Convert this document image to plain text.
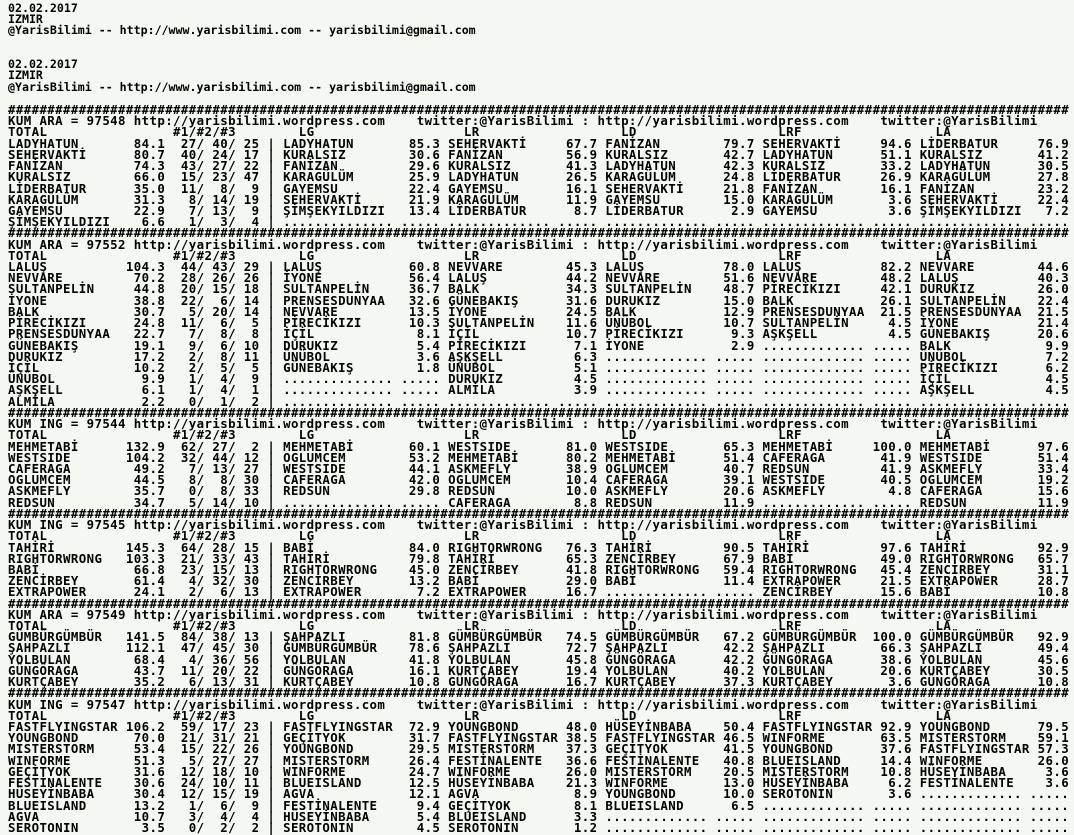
02.02.2017
IZMIR
@YarisBilimi -- http://www.yarisbilimi.com -- yarisbilimi@gmail.com
02.02.2017
IZMIR
@YarisBilimi -- http://www.yarisbilimi.com -- yarisbilimi@gmail.com
#######################################################################################################################################
KUM ARA = 97548 http://yarisbilimi.wordpress.com    twitter:@YarisBilimi : http://yarisbilimi.wordpress.com    twitter:@YarisBilimi
TOTAL                #1/#2/#3        LG                   LR                  LD                  LRF                 LA
LADYHATUN       84.1  27/ 40/ 25 | LADYHATUN       85.3 SEHERVAKTİ     67.7 FANİZAN        79.7 SEHERVAKTİ     94.6 LİDERBATUR     76.9
SEHERVAKTİ      80.7  40/ 24/ 17 | KURALSIZ        30.6 FANİZAN        56.9 KURALSIZ       42.7 LADYHATUN      51.1 KURALSIZ       41.2
FANİZAN         74.3  43/ 27/ 22 | FANİZAN         29.6 KURALSIZ       41.3 LADYHATUN      42.3 KURALSIZ       33.2 LADYHATUN      30.5
KURALSIZ        66.0  15/ 23/ 47 | KARAGÜLÜM       25.9 LADYHATUN      26.5 KARAGÜLÜM      24.8 LİDERBATUR     26.9 KARAGÜLÜM      27.8
LİDERBATUR      35.0  11/  8/  9 | GAYEMSU         22.4 GAYEMSU        16.1 SEHERVAKTİ     21.8 FANİZAN        16.1 FANİZAN        23.2
KARAGÜLÜM       31.3   8/ 14/ 19 | SEHERVAKTİ      21.9 KARAGÜLÜM      11.9 GAYEMSU        15.0 KARAGÜLÜM       3.6 SEHERVAKTİ     22.4
GAYEMSU         22.9   7/ 13/  9 | ŞİMŞEKYILDIZI   13.4 LİDERBATUR      8.7 LİDERBATUR      2.9 GAYEMSU         3.6 ŞİMŞEKYILDIZI   7.2
ŞİMŞEKYILDIZI    6.6   1/  3/  4 | .............. ..... ............. ..... ............. ..... ............. ..... ............. .....
#######################################################################################################################################
KUM ARA = 97552 http://yarisbilimi.wordpress.com    twitter:@YarisBilimi : http://yarisbilimi.wordpress.com    twitter:@YarisBilimi
TOTAL                #1/#2/#3        LG                   LR                  LD                  LRF                 LA
LALUŞ          104.3  44/ 43/ 29 | LALUŞ           60.8 NEVVARE        45.3 LALUŞ          78.0 LALUŞ          82.2 NEVVARE        44.6
NEVVARE         70.2  28/ 26/ 26 | İYONE           56.4 LALUŞ          44.2 NEVVARE        51.6 NEVVARE        48.2 LALUŞ          40.3
SULTANPELİN     44.8  20/ 15/ 18 | SULTANPELİN     36.7 BALK           34.3 SULTANPELİN    48.7 PİRECİKIZI     42.1 DURUKIZ        26.0
İYONE           38.8  22/  6/ 14 | PRENSESDUNYAA   32.6 GÜNEBAKIŞ      31.6 DURUKIZ        15.0 BALK           26.1 SULTANPELİN    22.4
BALK            30.7   5/ 20/ 14 | NEVVARE         13.5 İYONE          24.5 BALK           12.9 PRENSESDUNYAA  21.5 PRENSESDUNYAA  21.5
PİRECİKIZI      24.8  11/  6/  5 | PİRECİKIZI      10.3 SULTANPELİN    11.6 ÜNÜBOL         10.7 SULTANPELİN     4.5 İYONE          21.4
PRENSESDUNYAA   22.7   7/  8/  8 | İÇİL             8.1 İÇİL           10.7 PİRECİKIZI      9.3 AŞKŞELL         4.5 GÜNEBAKIŞ      20.6
GÜNEBAKIŞ       19.1   9/  6/ 10 | DURUKIZ          5.4 PİRECİKIZI      7.1 İYONE           2.9 ............. ..... BALK            9.9
DURUKIZ         17.2   2/  8/ 11 | ÜNÜBOL           3.6 AŞKŞELL         6.3 ............. ..... ............. ..... ÜNÜBOL          7.2
İÇİL            10.2   2/  5/  5 | GÜNEBAKIŞ        1.8 ÜNÜBOL          5.1 ............. ..... ............. ..... PİRECİKIZI      6.2
ÜNÜBOL           9.9   1/  4/  9 | .............. ..... DURUKIZ         4.5 ............. ..... ............. ..... İÇİL            4.5
AŞKŞELL          6.1   1/  4/  1 | .............. ..... ALMİLA          3.9 ............. ..... ............. ..... AŞKŞELL         4.5
ALMİLA           2.2   0/  1/  2 | .............. ..... ............. ..... ............. ..... ............. ..... ............. .....
#######################################################################################################################################
KUM ING = 97544 http://yarisbilimi.wordpress.com    twitter:@YarisBilimi : http://yarisbilimi.wordpress.com    twitter:@YarisBilimi
TOTAL                #1/#2/#3        LG                   LR                  LD                  LRF                 LA
MEHMETABİ      132.9  62/ 27/  2 | MEHMETABİ       60.1 WESTSIDE       81.0 WESTSIDE       65.3 MEHMETABİ     100.0 MEHMETABİ      97.6
WESTSIDE       104.2  32/ 44/ 12 | OGLUMCEM        53.2 MEHMETABİ      80.2 MEHMETABİ      51.4 CAFERAGA       41.9 WESTSIDE       51.4
CAFERAGA        49.2   7/ 13/ 27 | WESTSIDE        44.1 ASKMEFLY       38.9 OGLUMCEM       40.7 REDSUN         41.9 ASKMEFLY       33.4
OGLUMCEM        44.5   8/  8/ 30 | CAFERAGA        42.0 OGLUMCEM       10.4 CAFERAGA       39.1 WESTSIDE       40.5 OGLUMCEM       19.2
ASKMEFLY        35.7   0/  8/ 33 | REDSUN          29.8 REDSUN         10.0 ASKMEFLY       20.6 ASKMEFLY        4.8 CAFERAGA       15.6
REDSUN          34.7   5/ 14/ 10 | .............. ..... CAFERAGA        8.8 REDSUN         11.9 ............. ..... REDSUN         11.9
#######################################################################################################################################
KUM ING = 97545 http://yarisbilimi.wordpress.com    twitter:@YarisBilimi : http://yarisbilimi.wordpress.com    twitter:@YarisBilimi
TOTAL                #1/#2/#3        LG                   LR                  LD                  LRF                 LA
TAHİRİ         145.3  64/ 28/ 15 | BABİ            84.0 RIGHTORWRONG   76.3 TAHİRİ         90.5 TAHİRİ         97.6 TAHİRİ         92.9
RIGHTORWRONG   103.3  21/ 33/ 43 | TAHİRİ          79.8 TAHİRİ         65.3 ZENCİRBEY      67.9 BABİ           49.0 RIGHTORWRONG   65.7
BABİ            66.8  23/ 15/ 13 | RIGHTORWRONG    45.0 ZENCİRBEY      41.8 RIGHTORWRONG   59.4 RIGHTORWRONG   45.4 ZENCİRBEY      31.1
ZENCİRBEY       61.4   4/ 32/ 30 | ZENCİRBEY       13.2 BABİ           29.0 BABİ           11.4 EXTRAPOWER     21.5 EXTRAPOWER     28.7
EXTRAPOWER      24.1   2/  6/ 13 | EXTRAPOWER       7.2 EXTRAPOWER     16.7 ............. ..... ZENCİRBEY      15.6 BABİ           10.8
#######################################################################################################################################
KUM ARA = 97549 http://yarisbilimi.wordpress.com    twitter:@YarisBilimi : http://yarisbilimi.wordpress.com    twitter:@YarisBilimi
TOTAL                #1/#2/#3        LG                   LR                  LD                  LRF                 LA
GÜMBÜRGÜMBÜR   141.5  84/ 38/ 13 | ŞAHPAZLI        81.8 GÜMBÜRGÜMBÜR   74.5 GÜMBÜRGÜMBÜR   67.2 GÜMBÜRGÜMBÜR  100.0 GÜMBÜRGÜMBÜR   92.9
ŞAHPAZLI       112.1  47/ 45/ 30 | GÜMBÜRGÜMBÜR    78.6 ŞAHPAZLI       72.7 ŞAHPAZLI       42.2 ŞAHPAZLI       66.3 ŞAHPAZLI       49.4
YOLBULAN        68.4   4/ 36/ 56 | YOLBULAN        41.8 YOLBULAN       45.8 GÜNGÖRAGA      42.2 GÜNGÖRAGA      38.6 YOLBULAN       45.6
GÜNGÖRAGA       43.7  11/ 20/ 22 | GÜNGÖRAGA       16.1 KURTÇABEY      19.4 YOLBULAN       40.2 YOLBULAN       20.6 KURTÇABEY      30.5
KURTÇABEY       35.2   6/ 13/ 31 | KURTÇABEY       10.8 GÜNGÖRAGA      16.7 KURTÇABEY      37.3 KURTÇABEY       3.6 GÜNGÖRAGA      10.8
#######################################################################################################################################
KUM ING = 97547 http://yarisbilimi.wordpress.com    twitter:@YarisBilimi : http://yarisbilimi.wordpress.com    twitter:@YarisBilimi
TOTAL                #1/#2/#3        LG                   LR                  LD                  LRF                 LA
FASTFLYINGSTAR 106.2  59/ 17/ 23 | FASTFLYINGSTAR  72.9 YOUNGBOND      48.0 HÜSEYİNBABA    50.4 FASTFLYINGSTAR 92.9 YOUNGBOND      79.5
YOUNGBOND       70.0  21/ 31/ 21 | GEÇİTYOK        31.7 FASTFLYINGSTAR 38.5 FASTFLYINGSTAR 46.5 WINFORME       63.5 MISTERSTORM    59.1
MISTERSTORM     53.4  15/ 22/ 26 | YOUNGBOND       29.5 MISTERSTORM    37.3 GEÇİTYOK       41.5 YOUNGBOND      37.6 FASTFLYINGSTAR 57.3
WINFORME        51.3   5/ 27/ 27 | MISTERSTORM     26.4 FESTİNALENTE   36.6 FESTİNALENTE   40.8 BLUEISLAND     14.4 WINFORME       26.0
GEÇİTYOK        31.6  12/ 18/ 10 | WINFORME        24.7 WINFORME       26.0 MISTERSTORM    20.5 MISTERSTORM    10.8 HÜSEYİNBABA     3.6
FESTİNALENTE    30.6  24/ 10/ 11 | BLUEISLAND      12.5 HÜSEYİNBABA    21.3 WINFORME       13.0 HÜSEYİNBABA     6.2 FESTİNALENTE    3.6
HÜSEYİNBABA     30.4  12/ 15/ 19 | AGVA            12.1 AGVA            8.9 YOUNGBOND      10.0 SEROTONIN       3.6 ............. .....
BLUEISLAND      13.2   1/  6/  9 | FESTİNALENTE     9.4 GEÇİTYOK        8.1 BLUEISLAND      6.5 ............. ..... ............. .....
AGVA            10.7   3/  4/  4 | HÜSEYİNBABA      5.4 BLUEISLAND      3.3 ............. ..... ............. ..... ............. .....
SEROTONIN        3.5   0/  2/  2 | SEROTONIN        4.5 SEROTONIN       1.2 ............. ..... ............. ..... ............. .....
